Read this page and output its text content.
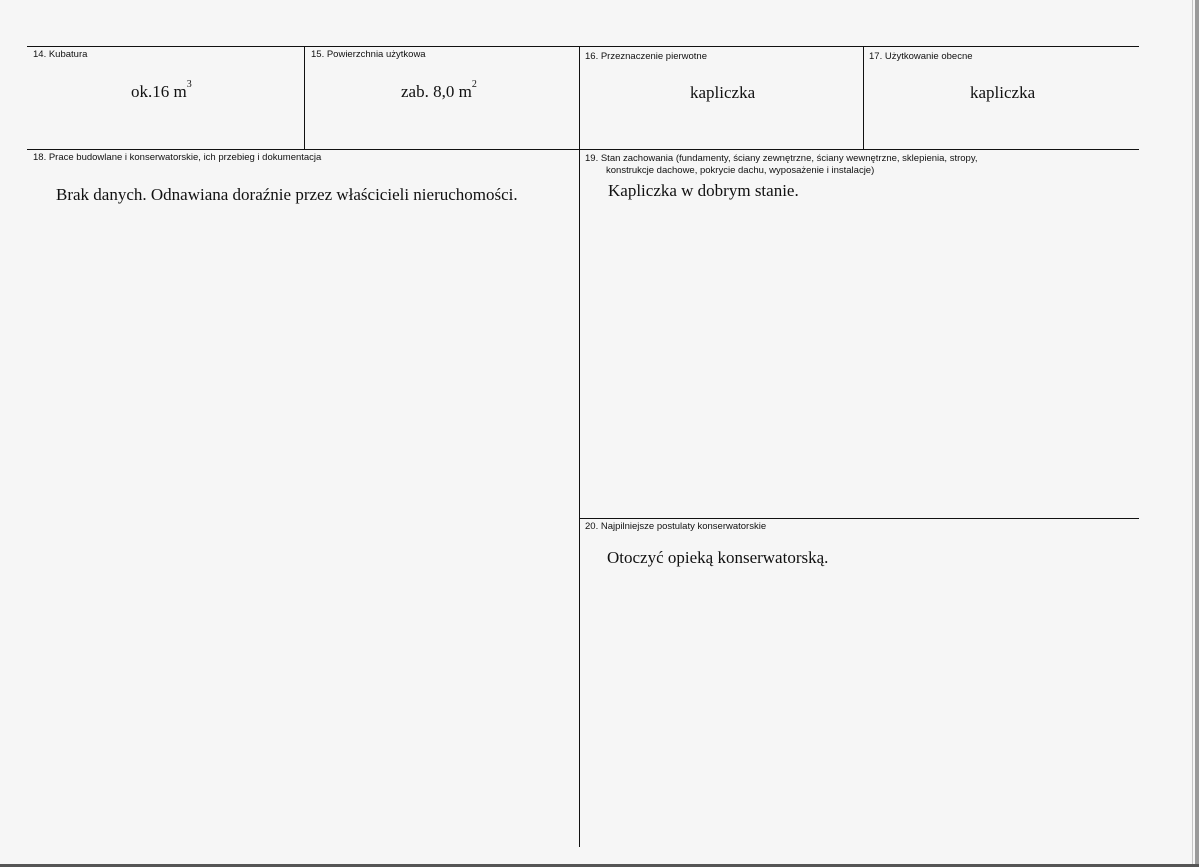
14. Kubatura
ok.16 $m^3$
15. Powierzchnia użytkowa
zab. 8,0 $m^2$
16. Przeznaczenie pierwotne
kapliczka
17. Użytkowanie obecne
kapliczka
18. Prace budowlane i konserwatorskie, ich przebieg i dokumentacja
Brak danych. Odnawiana doraźnie przez właścicieli nieruchomości.
19. Stan zachowania (fundamenty, ściany zewnętrzne, ściany wewnętrzne, sklepienia, stropy,
konstrukcje dachowe, pokrycie dachu, wyposażenie i instalacje)
Kapliczka w dobrym stanie.
20. Najpilniejsze postulaty konserwatorskie
Otoczyć opieką konserwatorską.
